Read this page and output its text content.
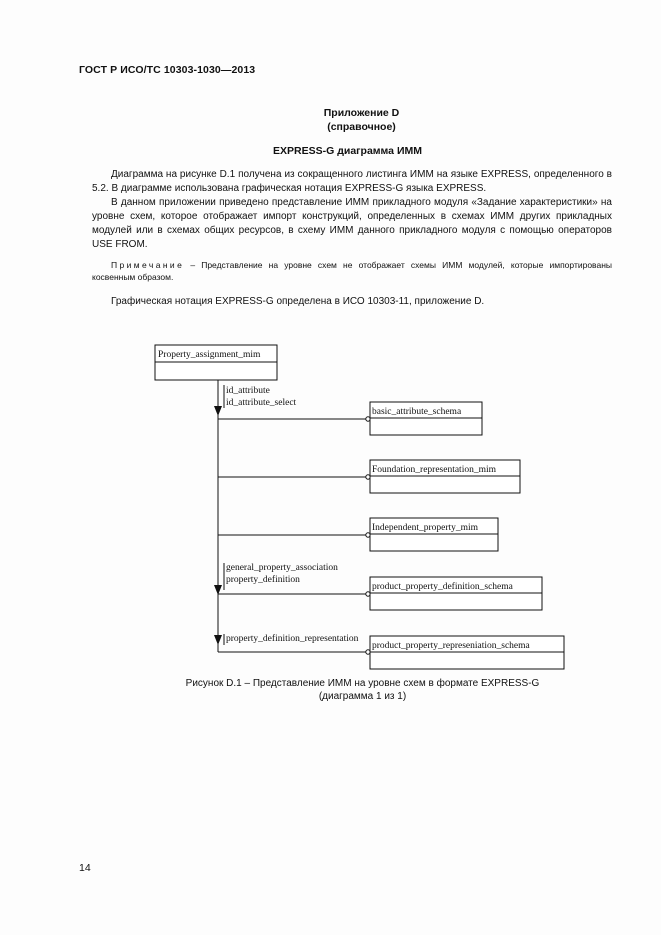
ГОСТ Р ИСО/ТС 10303-1030—2013
Приложение D
(справочное)
EXPRESS-G диаграмма ИММ

Диаграмма на рисунке D.1 получена из сокращенного листинга ИММ на языке EXPRESS, определенного в 5.2. В диаграмме использована графическая нотация EXPRESS-G языка EXPRESS.

В данном приложении приведено представление ИММ прикладного модуля «Задание характеристики» на уровне схем, которое отображает импорт конструкций, определенных в схемах ИММ других прикладных модулей или в схемах общих ресурсов, в схему ИММ данного прикладного модуля с помощью операторов USE FROM.

Примечание – Представление на уровне схем не отображает схемы ИММ модулей, которые импортированы косвенным образом.
Графическая нотация EXPRESS-G определена в ИСО 10303-11, приложение D.
Property_assignment_mim
basic_attribute_schema
Foundation_representation_mim
Independent_property_mim
product_property_definition_schema
product_property_represeniation_schema
id_attribute
id_attribute_select
general_property_association
property_definition
property_definition_representation
Рисунок D.1 – Представление ИММ на уровне схем в формате EXPRESS-G
(диаграмма 1 из 1)
14
